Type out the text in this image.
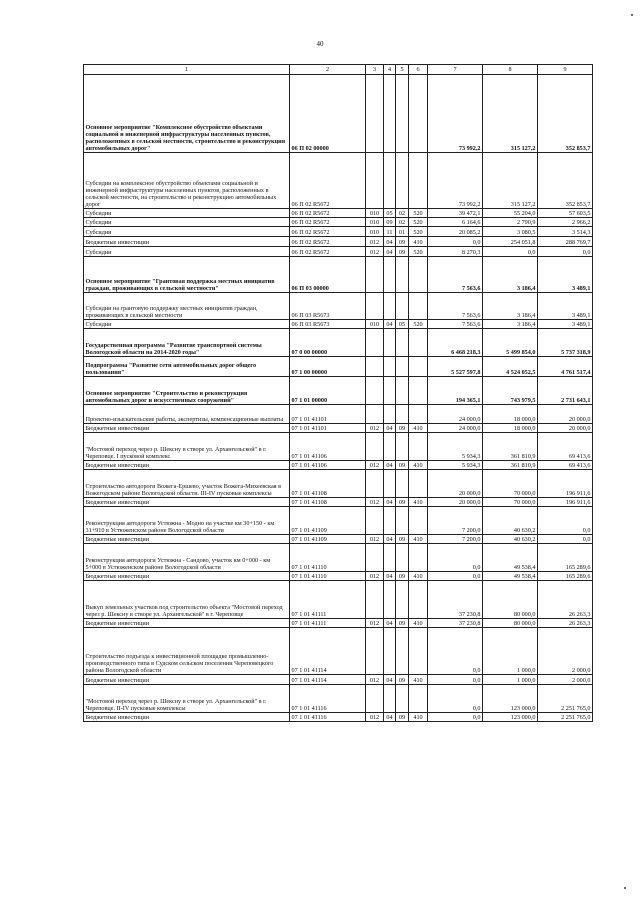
40
1	2	3	4	5	6	7	8	9
Основное мероприятие "Комплексное обустройство объектами социальной и инженерной инфраструктуры населенных пунктов, расположенных в сельской местности, строительство и реконструкция автомобильных дорог"	06 П 02 00000					73 992,2	315 127,2	352 853,7
Субсидии на комплексное обустройство объектами социальной и инженерной инфраструктуры населенных пунктов, расположенных в сельской местности, на строительство и реконструкцию автомобильных дорог	06 П 02 R5672					73 992,2	315 127,2	352 853,7
Субсидии	06 П 02 R5672	010	05	02	520	39 472,1	55 204,0	57 603,5
Субсидии	06 П 02 R5672	010	09	02	520	6 164,6	2 790,9	2 966,2
Субсидии	06 П 02 R5672	010	11	01	520	20 085,2	3 080,5	3 514,3
Бюджетные инвестиции	06 П 02 R5672	012	04	09	410	0,0	254 051,8	288 769,7
Субсидии	06 П 02 R5672	012	04	09	520	8 270,3	0,0	0,0
Основное мероприятие "Грантовая поддержка местных инициатив граждан, проживающих в сельской местности"	06 П 03 00000					7 563,6	3 186,4	3 489,1
Субсидии на грантовую поддержку местных инициатив граждан, проживающих в сельской местности	06 П 03 R5673					7 563,6	3 186,4	3 489,1
Субсидии	06 П 03 R5673	010	04	05	520	7 563,6	3 186,4	3 489,1
Государственная программа "Развитие транспортной системы Вологодской области на 2014-2020 годы"	07 0 00 00000					6 468 218,3	5 499 854,0	5 737 318,9
Подпрограмма "Развитие сети автомобильных дорог общего пользования"	07 1 00 00000					5 527 597,8	4 524 052,5	4 761 517,4
Основное мероприятие "Строительство и реконструкция автомобильных дорог и искусственных сооружений"	07 1 01 00000					194 365,1	743 979,5	2 731 643,1
Проектно-изыскательские работы, экспертизы, компенсационные выплаты	07 1 01 41101					24 000,0	18 000,0	20 000,0
Бюджетные инвестиции	07 1 01 41101	012	04	09	410	24 000,0	18 000,0	20 000,0
"Мостовой переход через р. Шексну в створе ул. Архангельской" в г. Череповце. I пусковой комплекс	07 1 01 41106					5 934,3	361 810,9	69 413,6
Бюджетные инвестиции	07 1 01 41106	012	04	09	410	5 934,3	361 810,9	69 413,6
Строительство автодороги Вожега-Ершево, участок Вожега-Михеевская в Вожегодском районе Вологодской области. III-IV пусковые комплексы	07 1 01 41108					20 000,0	70 000,0	196 911,6
Бюджетные инвестиции	07 1 01 41108	012	04	09	410	20 000,0	70 000,0	196 911,6
Реконструкция автодороги Устюжна - Модно на участке км 30+150 - км 31+910 в Устюженском районе Вологодской области	07 1 01 41109					7 200,0	40 630,2	0,0
Бюджетные инвестиции	07 1 01 41109	012	04	09	410	7 200,0	40 630,2	0,0
Реконструкция автодороги Устюжна - Сандово, участок км 0+000 - км 5+000 в Устюженском районе Вологодской области	07 1 01 41110					0,0	49 538,4	165 289,6
Бюджетные инвестиции	07 1 01 41110	012	04	09	410	0,0	49 538,4	165 289,6
Выкуп земельных участков под строительство объекта "Мостовой переход через р. Шексну в створе ул. Архангельской" в г. Череповце	07 1 01 41111					37 230,8	80 000,0	26 263,3
Бюджетные инвестиции	07 1 01 41111	012	04	09	410	37 230,8	80 000,0	26 263,3
Строительство подъезда к инвестиционной площадке промышленно-производственного типа в Судском сельском поселении Череповецкого района Вологодской области	07 1 01 41114					0,0	1 000,0	2 000,0
Бюджетные инвестиции	07 1 01 41114	012	04	09	410	0,0	1 000,0	2 000,0
"Мостовой переход через р. Шексну в створе ул. Архангельской" в г. Череповце. II-IV пусковые комплексы	07 1 01 41116					0,0	123 000,0	2 251 765,0
Бюджетные инвестиции	07 1 01 41116	012	04	09	410	0,0	123 000,0	2 251 765,0
